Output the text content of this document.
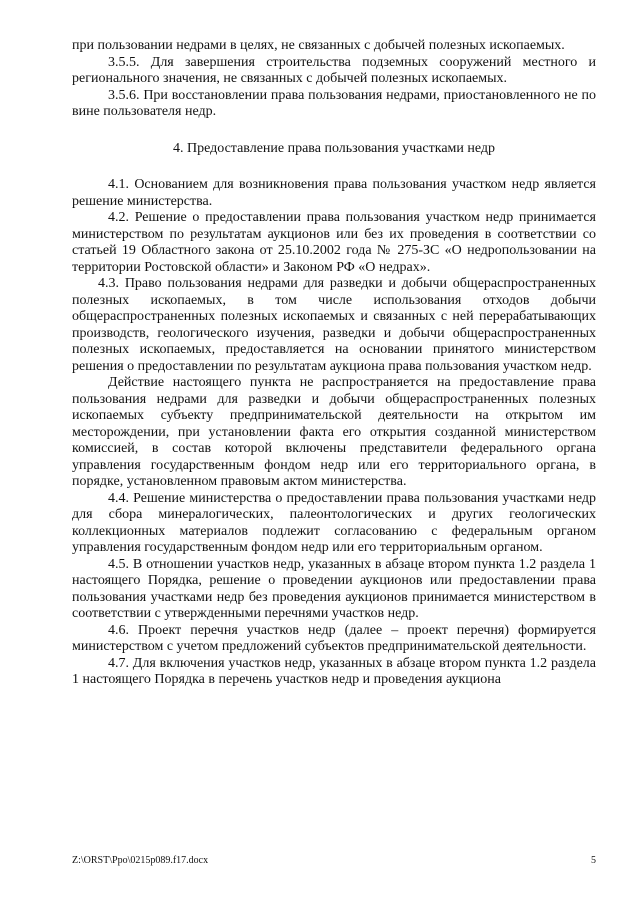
при пользовании недрами в целях, не связанных с добычей полезных ископаемых.

3.5.5. Для завершения строительства подземных сооружений местного и регионального значения, не связанных с добычей полезных ископаемых.

3.5.6. При восстановлении права пользования недрами, приостановленного не по вине пользователя недр.

4. Предоставление права пользования участками недр

4.1. Основанием для возникновения права пользования участком недр является решение министерства.

4.2. Решение о предоставлении права пользования участком недр принимается министерством по результатам аукционов или без их проведения в соответствии со статьей 19 Областного закона от 25.10.2002 года № 275-ЗС «О недропользовании на территории Ростовской области» и Законом РФ «О недрах».

4.3. Право пользования недрами для разведки и добычи общераспространенных полезных ископаемых, в том числе использования отходов добычи общераспространенных полезных ископаемых и связанных с ней перерабатывающих производств, геологического изучения, разведки и добычи общераспространенных полезных ископаемых, предоставляется на основании принятого министерством решения о предоставлении по результатам аукциона права пользования участком недр.

Действие настоящего пункта не распространяется на предоставление права пользования недрами для разведки и добычи общераспространенных полезных ископаемых субъекту предпринимательской деятельности на открытом им месторождении, при установлении факта его открытия созданной министерством комиссией, в состав которой включены представители федерального органа управления государственным фондом недр или его территориального органа, в порядке, установленном правовым актом министерства.

4.4. Решение министерства о предоставлении права пользования участками недр для сбора минералогических, палеонтологических и других геологических коллекционных материалов подлежит согласованию с федеральным органом управления государственным фондом недр или его территориальным органом.

4.5. В отношении участков недр, указанных в абзаце втором пункта 1.2 раздела 1 настоящего Порядка, решение о проведении аукционов или предоставлении права пользования участками недр без проведения аукционов принимается министерством в соответствии с утвержденными перечнями участков недр.

4.6. Проект перечня участков недр (далее – проект перечня) формируется министерством с учетом предложений субъектов предпринимательской деятельности.

4.7. Для включения участков недр, указанных в абзаце втором пункта 1.2 раздела 1 настоящего Порядка в перечень участков недр и проведения аукциона

Z:\ORST\Ppo\0215p089.f17.docx	5
